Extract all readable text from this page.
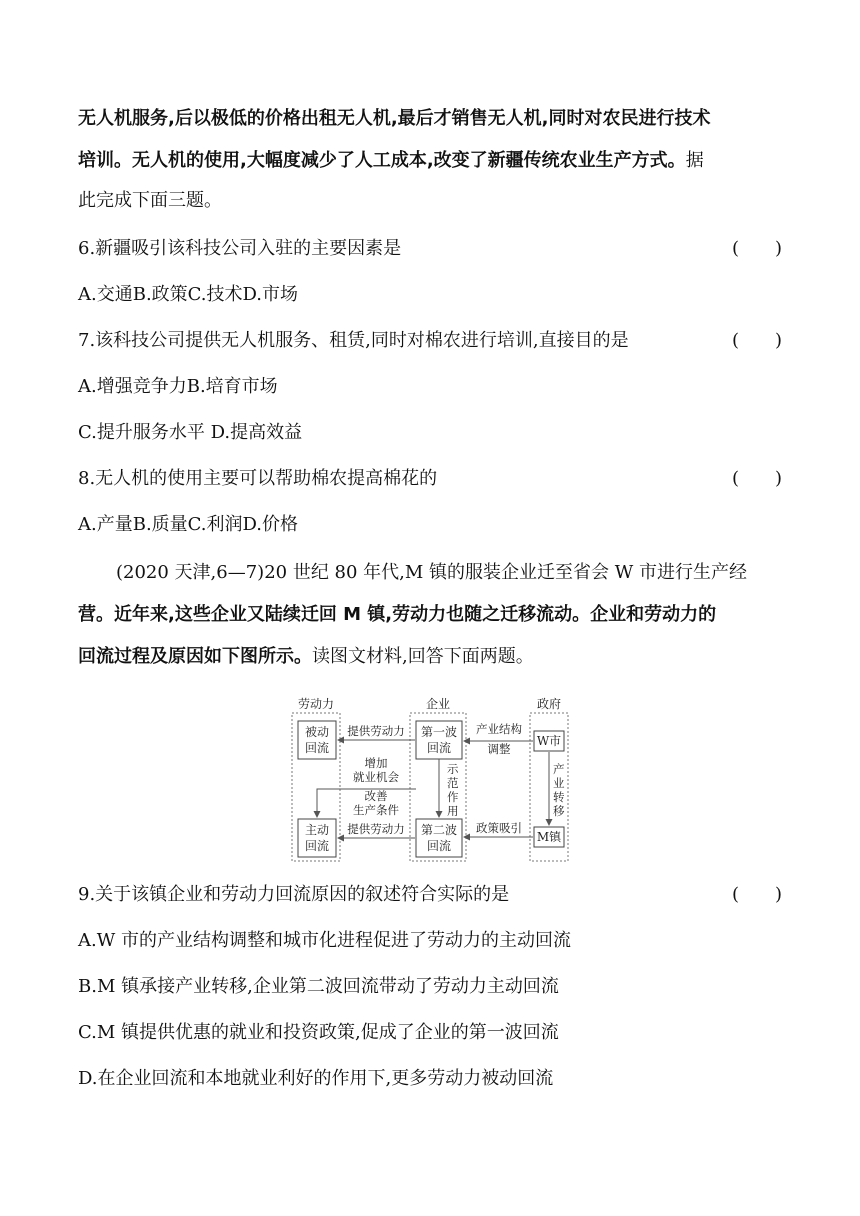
无人机服务,后以极低的价格出租无人机,最后才销售无人机,同时对农民进行技术
培训。无人机的使用,大幅度减少了人工成本,改变了新疆传统农业生产方式。据
此完成下面三题。
6.新疆吸引该科技公司入驻的主要因素是	(　　)
A.交通B.政策C.技术D.市场
7.该科技公司提供无人机服务、租赁,同时对棉农进行培训,直接目的是	(　　)
A.增强竞争力B.培育市场
C.提升服务水平 D.提高效益
8.无人机的使用主要可以帮助棉农提高棉花的	(　　)
A.产量B.质量C.利润D.价格
(2020 天津,6—7)20 世纪 80 年代,M 镇的服装企业迁至省会 W 市进行生产经
营。近年来,这些企业又陆续迁回 M 镇,劳动力也随之迁移流动。企业和劳动力的
回流过程及原因如下图所示。读图文材料,回答下面两题。
劳动力	企业	政府
被动
回流
主动
回流
第一波
回流
第二波
回流
W市
M镇
提供劳动力
提供劳动力
产业结构
调整
政策吸引
示
范
作
用
产
业
转
移
增加
就业机会
改善
生产条件
9.关于该镇企业和劳动力回流原因的叙述符合实际的是	(　　)
A.W 市的产业结构调整和城市化进程促进了劳动力的主动回流
B.M 镇承接产业转移,企业第二波回流带动了劳动力主动回流
C.M 镇提供优惠的就业和投资政策,促成了企业的第一波回流
D.在企业回流和本地就业利好的作用下,更多劳动力被动回流
